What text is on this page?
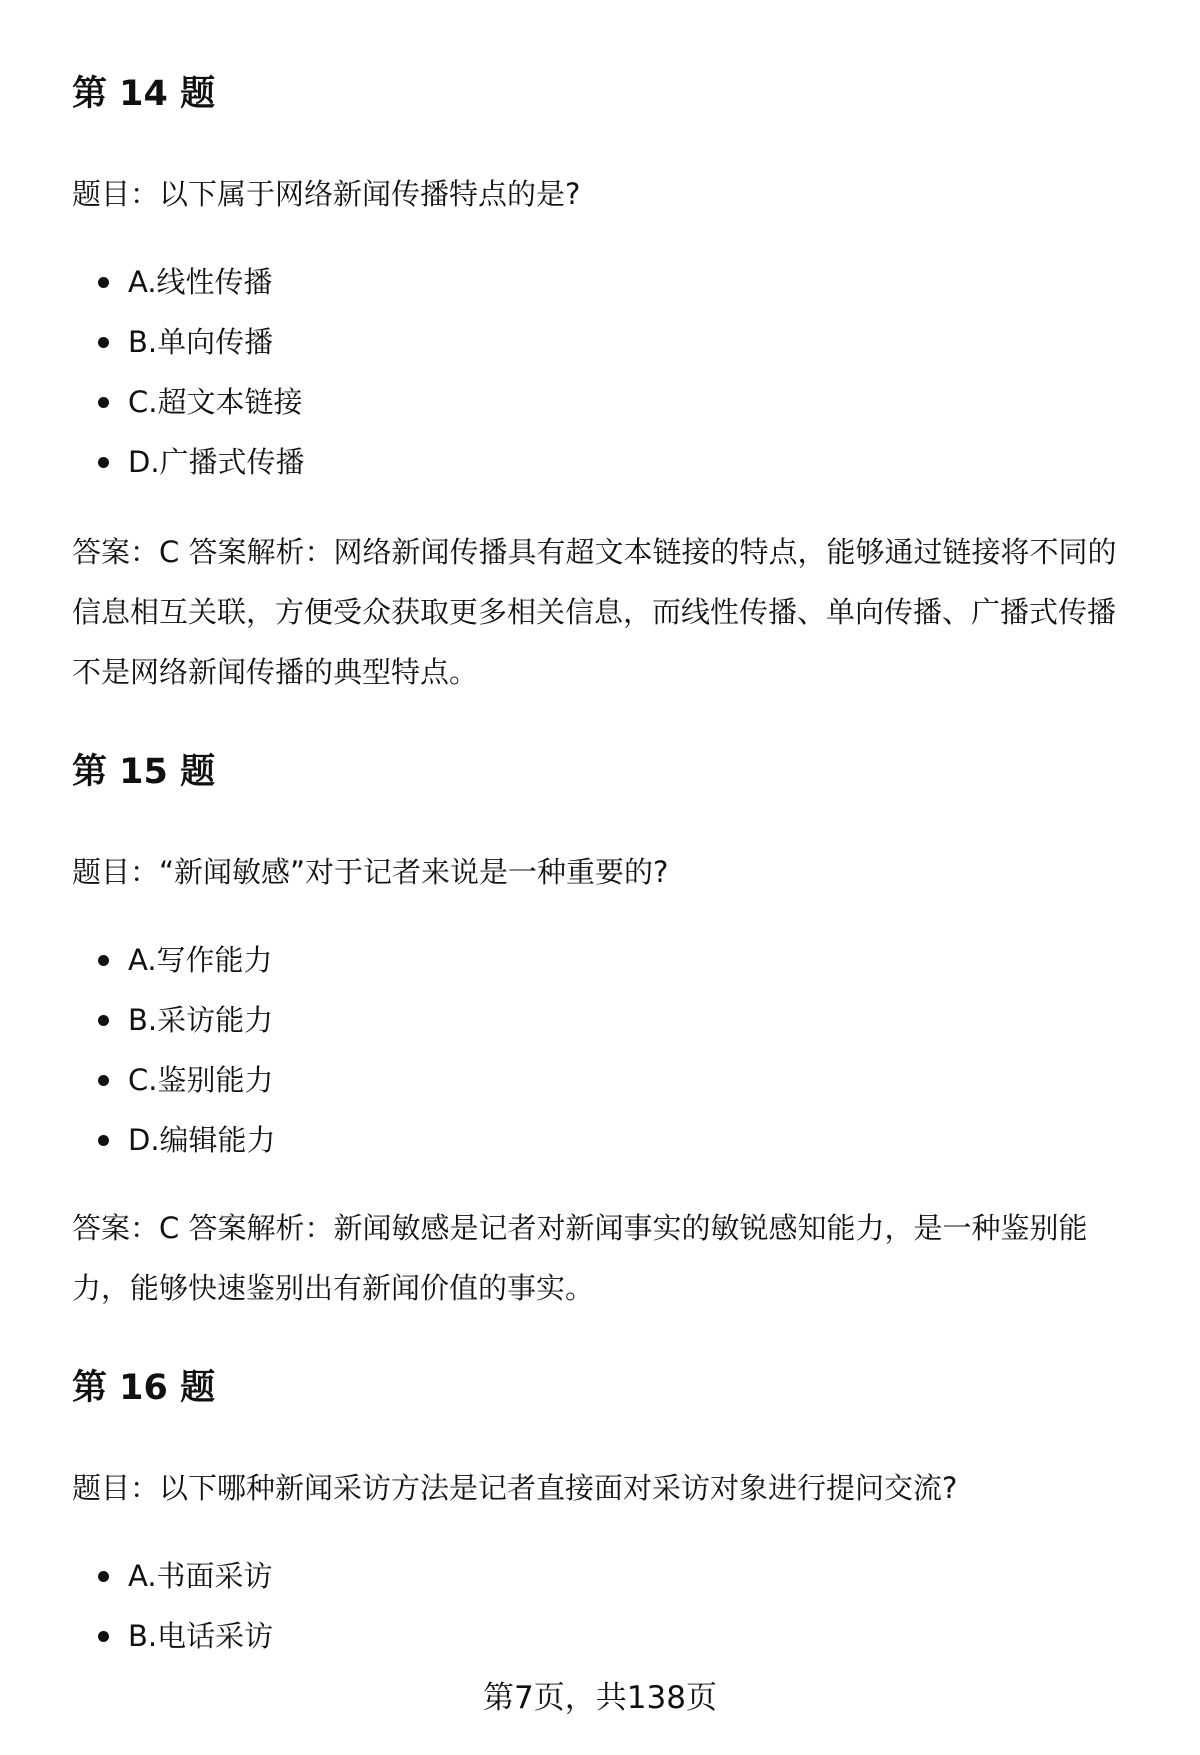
第 14 题
题目：以下属于网络新闻传播特点的是?
A.线性传播
B.单向传播
C.超文本链接
D.广播式传播
答案：C 答案解析：网络新闻传播具有超文本链接的特点，能够通过链接将不同的
信息相互关联，方便受众获取更多相关信息，而线性传播、单向传播、广播式传播
不是网络新闻传播的典型特点。
第 15 题
题目：“新闻敏感”对于记者来说是一种重要的?
A.写作能力
B.采访能力
C.鉴别能力
D.编辑能力
答案：C 答案解析：新闻敏感是记者对新闻事实的敏锐感知能力，是一种鉴别能
力，能够快速鉴别出有新闻价值的事实。
第 16 题
题目：以下哪种新闻采访方法是记者直接面对采访对象进行提问交流?
A.书面采访
B.电话采访
第7页，共138页
